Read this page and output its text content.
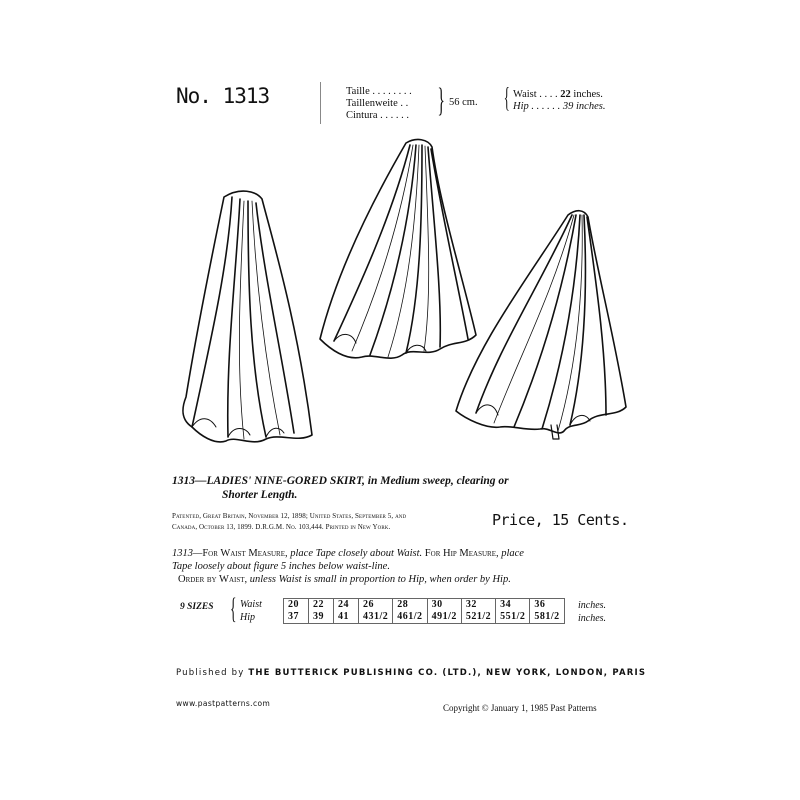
No. 1313	Taille . . . . . . . .
Taillenweite . .
Cintura . . . . . . } 56 cm. { Waist . . . . 22 inches.
Hip . . . . . . 39 inches.
1313—LADIES' NINE-GORED SKIRT, in Medium sweep, clearing or
Shorter Length.
Patented, Great Britain, November 12, 1898; United States, September 5, and
Canada, October 13, 1899. D.R.G.M. No. 103,444. Printed in New York.	Price, 15 Cents.
1313—For Waist Measure, place Tape closely about Waist. For Hip Measure, place
Tape loosely about figure 5 inches below waist-line.
Order by Waist, unless Waist is small in proportion to Hip, when order by Hip.
9 SIZES { Waist
Hip
20	22	24	26	28	30	32	34	36
37	39	41	431/2	461/2	491/2	521/2	551/2	581/2
inches.
inches.
Published by THE BUTTERICK PUBLISHING CO. (LTD.), NEW YORK, LONDON, PARIS
www.pastpatterns.com	Copyright © January 1, 1985 Past Patterns
